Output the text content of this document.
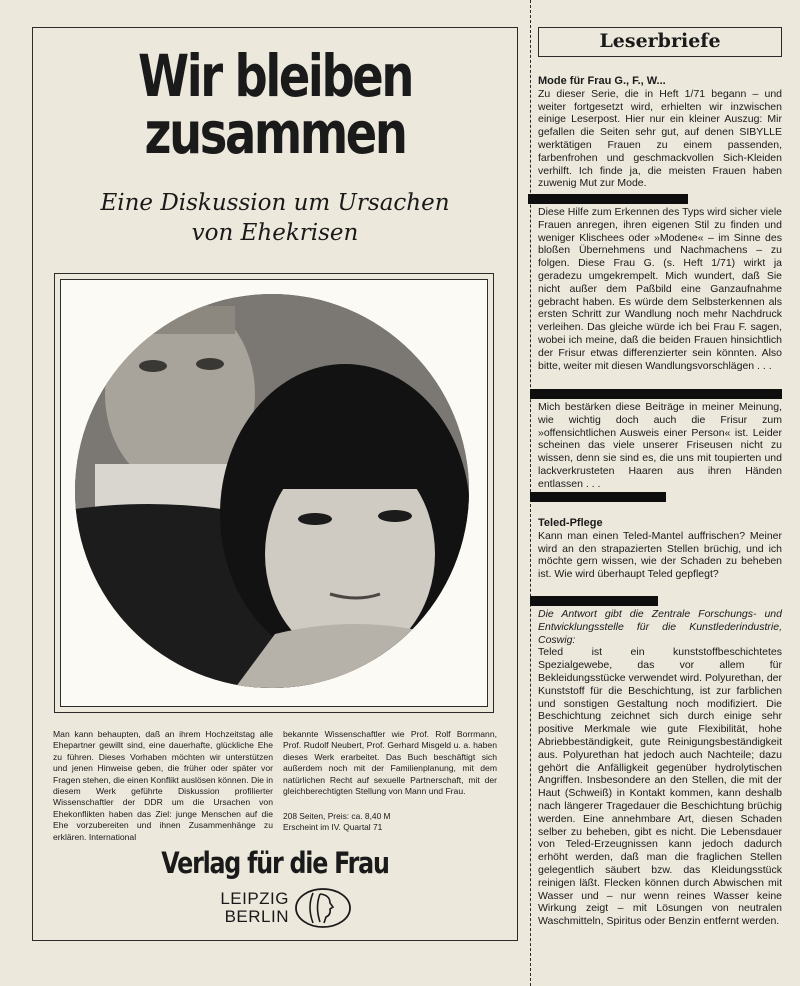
Wir bleiben
zusammen
Eine Diskussion um Ursachen
von Ehekrisen

Man kann behaupten, daß an ihrem Hochzeitstag alle Ehepartner gewillt sind, eine dauerhafte, glückliche Ehe zu führen. Dieses Vorhaben möchten wir unterstützen und jenen Hinweise geben, die früher oder später vor Fragen stehen, die einen Konflikt auslösen können. Die in diesem Werk geführte Diskussion profilierter Wissenschaftler der DDR um die Ursachen von Ehekonflikten haben das Ziel: junge Menschen auf die Ehe vorzubereiten und ihnen Zusammenhänge zu erklären. International

bekannte Wissenschaftler wie Prof. Rolf Borrmann, Prof. Rudolf Neubert, Prof. Gerhard Misgeld u. a. haben dieses Werk erarbeitet. Das Buch beschäftigt sich außerdem noch mit der Familienplanung, mit dem natürlichen Recht auf sexuelle Partnerschaft, mit der gleichberechtigten Stellung von Mann und Frau.

208 Seiten, Preis: ca. 8,40 M
Erscheint im IV. Quartal 71
Verlag für die Frau
LEIPZIG
BERLIN
Leserbriefe

Mode für Frau G., F., W...

Zu dieser Serie, die in Heft 1/71 begann – und weiter fortgesetzt wird, erhielten wir inzwischen einige Leserpost. Hier nur ein kleiner Auszug: Mir gefallen die Seiten sehr gut, auf denen SIBYLLE werktätigen Frauen zu einem passenden, farbenfrohen und geschmackvollen Sich-Kleiden verhilft. Ich finde ja, die meisten Frauen haben zuwenig Mut zur Mode.

Diese Hilfe zum Erkennen des Typs wird sicher viele Frauen anregen, ihren eigenen Stil zu finden und weniger Klischees oder »Modene« – im Sinne des bloßen Übernehmens und Nachmachens – zu folgen. Diese Frau G. (s. Heft 1/71) wirkt ja geradezu umgekrempelt. Mich wundert, daß Sie nicht außer dem Paßbild eine Ganzaufnahme gebracht haben. Es würde dem Selbsterkennen als ersten Schritt zur Wandlung noch mehr Nachdruck verleihen. Das gleiche würde ich bei Frau F. sagen, wobei ich meine, daß die beiden Frauen hinsichtlich der Frisur etwas differenzierter sein könnten. Also bitte, weiter mit diesen Wandlungsvorschlägen . . .

Mich bestärken diese Beiträge in meiner Meinung, wie wichtig doch auch die Frisur zum »offensichtlichen Ausweis einer Person« ist. Leider scheinen das viele unserer Friseusen nicht zu wissen, denn sie sind es, die uns mit toupierten und lackverkrusteten Haaren aus ihren Händen entlassen . . .

Teled-Pflege

Kann man einen Teled-Mantel auffrischen? Meiner wird an den strapazierten Stellen brüchig, und ich möchte gern wissen, wie der Schaden zu beheben ist. Wie wird überhaupt Teled gepflegt?

Die Antwort gibt die Zentrale Forschungs- und Entwicklungsstelle für die Kunstlederindustrie, Coswig:

Teled ist ein kunststoffbeschichtetes Spezialgewebe, das vor allem für Bekleidungsstücke verwendet wird. Polyurethan, der Kunststoff für die Beschichtung, ist zur farblichen und sonstigen Gestaltung noch modifiziert. Die Beschichtung zeichnet sich durch einige sehr positive Merkmale wie gute Flexibilität, hohe Abriebbeständigkeit, gute Reinigungsbeständigkeit aus. Polyurethan hat jedoch auch Nachteile; dazu gehört die Anfälligkeit gegenüber hydrolytischen Angriffen. Insbesondere an den Stellen, die mit der Haut (Schweiß) in Kontakt kommen, kann deshalb nach längerer Tragedauer die Beschichtung brüchig werden. Eine annehmbare Art, diesen Schaden selber zu beheben, gibt es nicht. Die Lebensdauer von Teled-Erzeugnissen kann jedoch dadurch erhöht werden, daß man die fraglichen Stellen gelegentlich säubert bzw. das Kleidungsstück reinigen läßt. Flecken können durch Abwischen mit Wasser und – nur wenn reines Wasser keine Wirkung zeigt – mit Lösungen von neutralen Waschmitteln, Spiritus oder Benzin entfernt werden.
